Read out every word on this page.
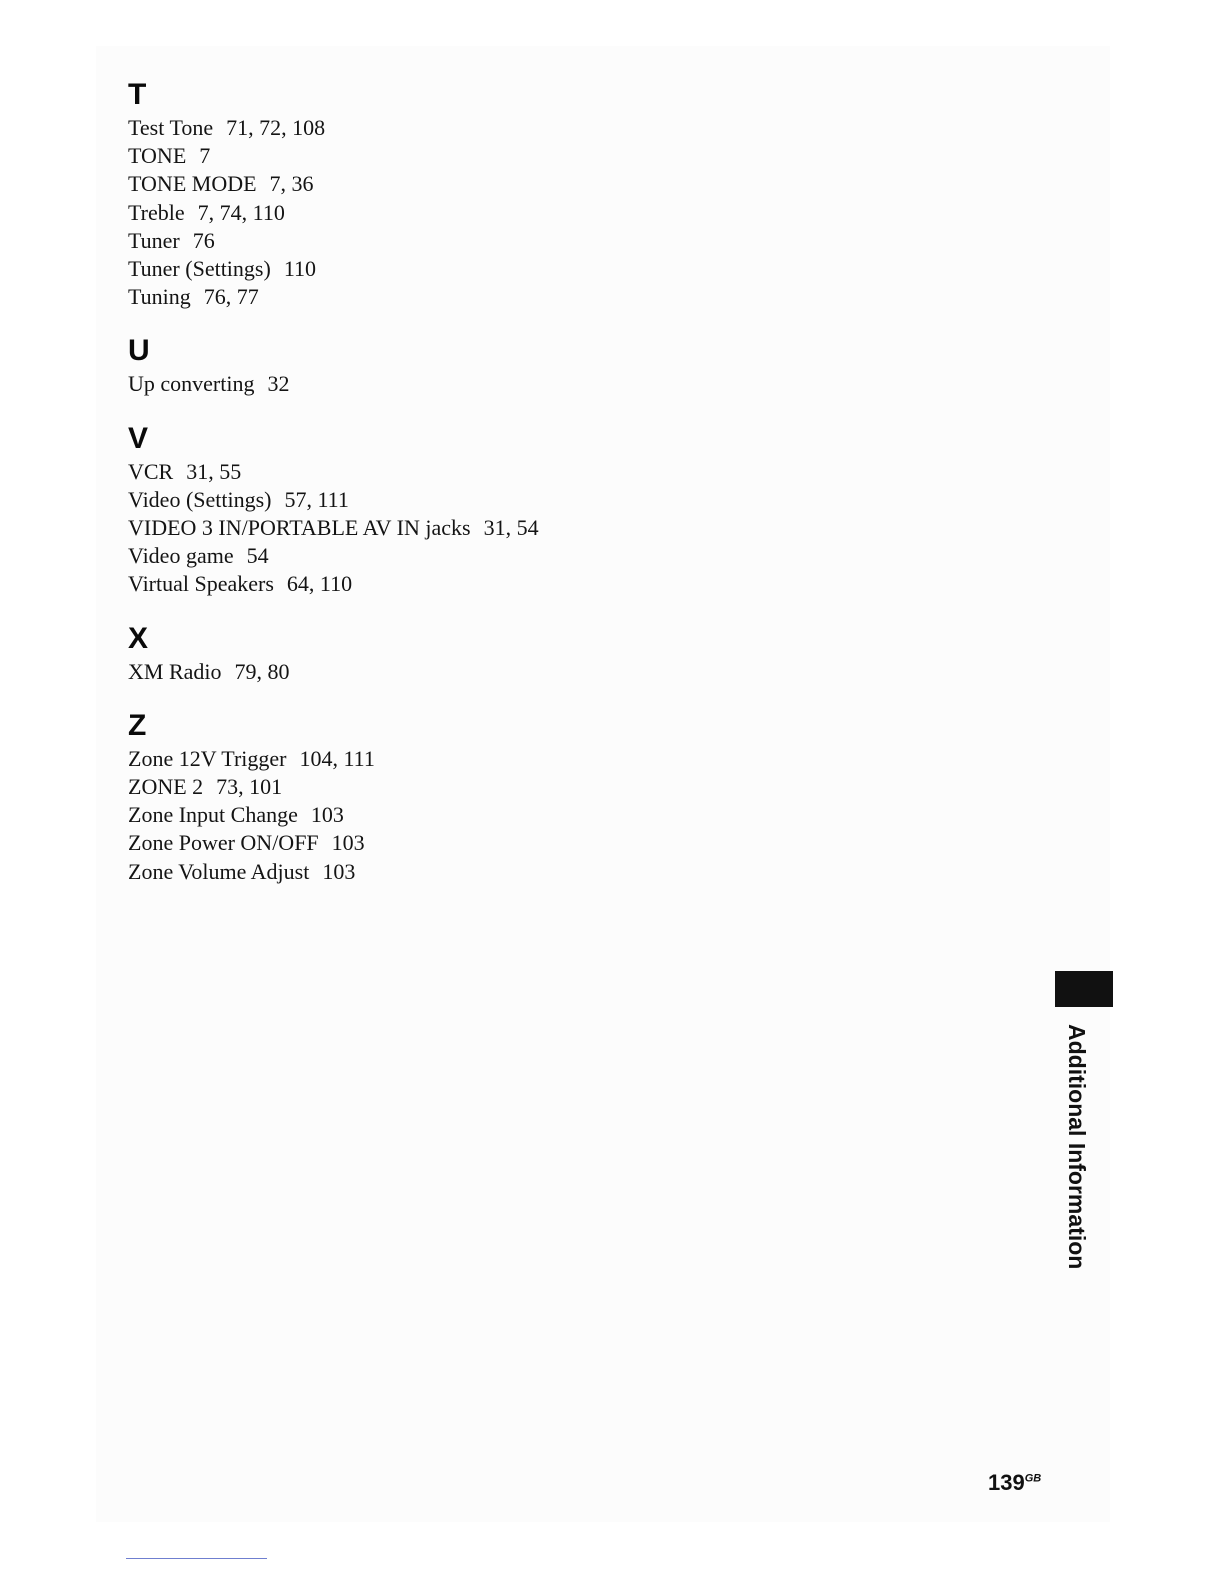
T
Test Tone 71, 72, 108
TONE 7
TONE MODE 7, 36
Treble 7, 74, 110
Tuner 76
Tuner (Settings) 110
Tuning 76, 77
U
Up converting 32
V
VCR 31, 55
Video (Settings) 57, 111
VIDEO 3 IN/PORTABLE AV IN jacks 31, 54
Video game 54
Virtual Speakers 64, 110
X
XM Radio 79, 80
Z
Zone 12V Trigger 104, 111
ZONE 2 73, 101
Zone Input Change 103
Zone Power ON/OFF 103
Zone Volume Adjust 103
Additional Information
$139^{GB}$
